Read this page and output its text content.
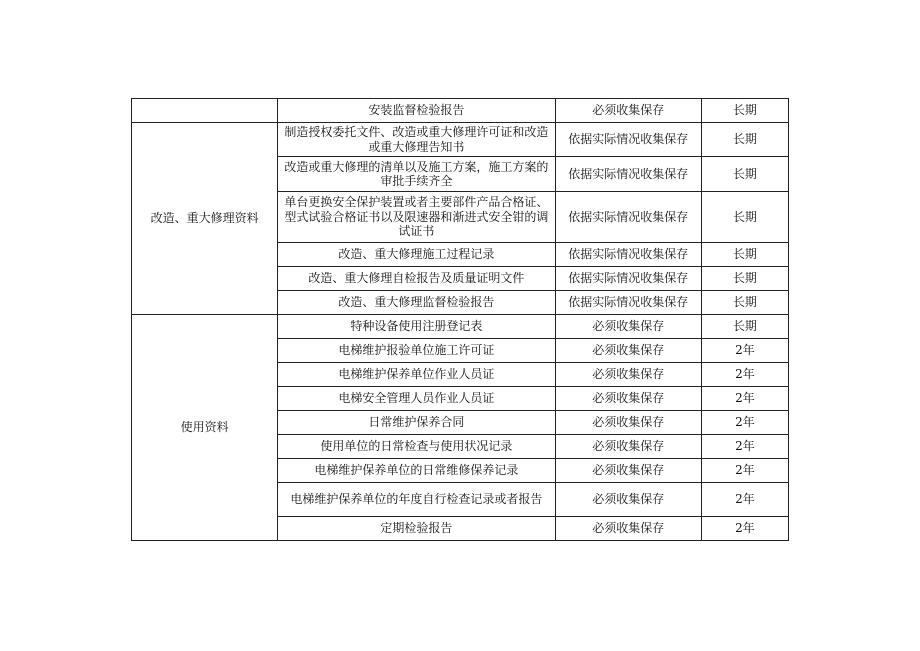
	安装监督检验报告	必须收集保存	长期
改造、重大修理资料	制造授权委托文件、改造或重大修理许可证和改造或重大修理告知书	依据实际情况收集保存	长期
	改造或重大修理的清单以及施工方案，施工方案的审批手续齐全	依据实际情况收集保存	长期
	单台更换安全保护装置或者主要部件产品合格证、型式试验合格证书以及限速器和渐进式安全钳的调试证书	依据实际情况收集保存	长期
	改造、重大修理施工过程记录	依据实际情况收集保存	长期
	改造、重大修理自检报告及质量证明文件	依据实际情况收集保存	长期
	改造、重大修理监督检验报告	依据实际情况收集保存	长期
使用资料	特种设备使用注册登记表	必须收集保存	长期
	电梯维护报验单位施工许可证	必须收集保存	2年
	电梯维护保养单位作业人员证	必须收集保存	2年
	电梯安全管理人员作业人员证	必须收集保存	2年
	日常维护保养合同	必须收集保存	2年
	使用单位的日常检查与使用状况记录	必须收集保存	2年
	电梯维护保养单位的日常维修保养记录	必须收集保存	2年
	电梯维护保养单位的年度自行检查记录或者报告	必须收集保存	2年
	定期检验报告	必须收集保存	2年
